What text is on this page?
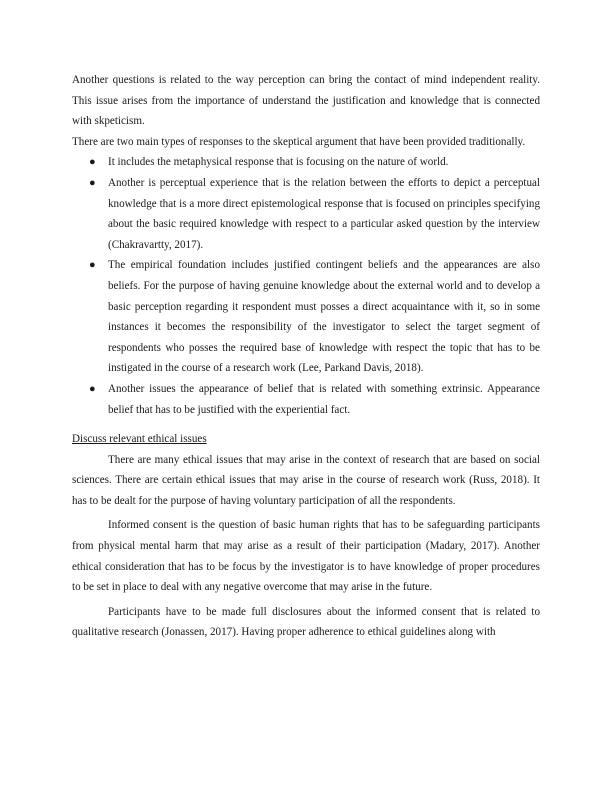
Another questions is related to the way perception can bring the contact of mind independent reality. This issue arises from the importance of understand the justification and knowledge that is connected with skpeticism.

There are two main types of responses to the skeptical argument that have been provided traditionally.

● It includes the metaphysical response that is focusing on the nature of world.
● Another is perceptual experience that is the relation between the efforts to depict a perceptual knowledge that is a more direct epistemological response that is focused on principles specifying about the basic required knowledge with respect to a particular asked question by the interview (Chakravartty, 2017).
● The empirical foundation includes justified contingent beliefs and the appearances are also beliefs. For the purpose of having genuine knowledge about the external world and to develop a basic perception regarding it respondent must posses a direct acquaintance with it, so in some instances it becomes the responsibility of the investigator to select the target segment of respondents who posses the required base of knowledge with respect the topic that has to be instigated in the course of a research work (Lee, Parkand Davis, 2018).
● Another issues the appearance of belief that is related with something extrinsic. Appearance belief that has to be justified with the experiential fact.

Discuss relevant ethical issues

There are many ethical issues that may arise in the context of research that are based on social sciences. There are certain ethical issues that may arise in the course of research work (Russ, 2018). It has to be dealt for the purpose of having voluntary participation of all the respondents.

Informed consent is the question of basic human rights that has to be safeguarding participants from physical mental harm that may arise as a result of their participation (Madary, 2017). Another ethical consideration that has to be focus by the investigator is to have knowledge of proper procedures to be set in place to deal with any negative overcome that may arise in the future.

Participants have to be made full disclosures about the informed consent that is related to qualitative research (Jonassen, 2017). Having proper adherence to ethical guidelines along with
